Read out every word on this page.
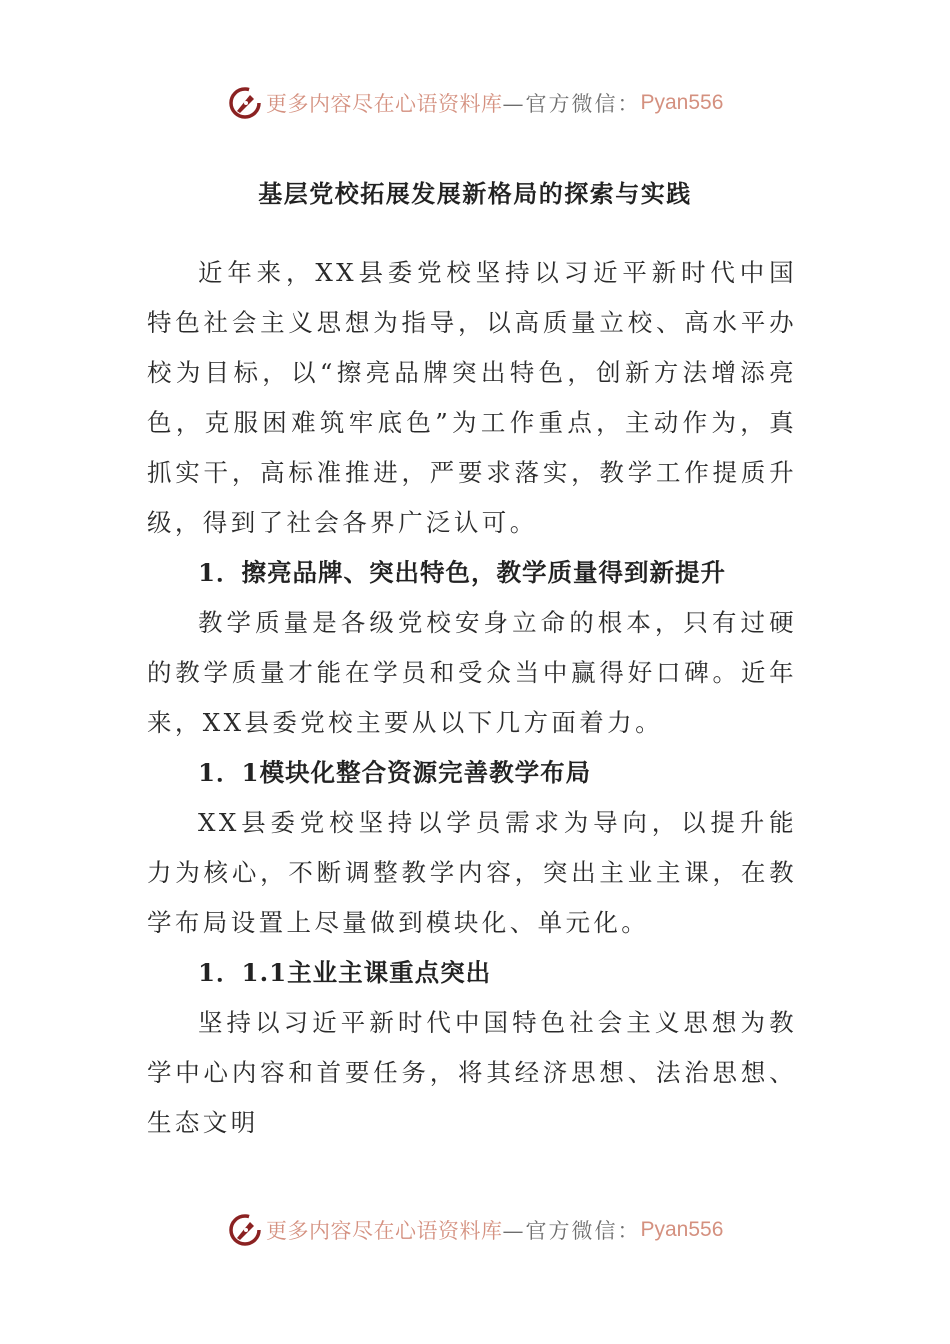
更多内容尽在心语资料库 —官方微信： Pyan556
基层党校拓展发展新格局的探索与实践

近年来，XX县委党校坚持以习近平新时代中国特色社会主义思想为指导，以高质量立校、高水平办校为目标，以“擦亮品牌突出特色，创新方法增添亮色，克服困难筑牢底色”为工作重点，主动作为，真抓实干，高标准推进，严要求落实，教学工作提质升级，得到了社会各界广泛认可。

1．擦亮品牌、突出特色，教学质量得到新提升

教学质量是各级党校安身立命的根本，只有过硬的教学质量才能在学员和受众当中赢得好口碑。近年来，XX县委党校主要从以下几方面着力。

1．1模块化整合资源完善教学布局

XX县委党校坚持以学员需求为导向，以提升能力为核心，不断调整教学内容，突出主业主课，在教学布局设置上尽量做到模块化、单元化。

1．1.1主业主课重点突出

坚持以习近平新时代中国特色社会主义思想为教学中心内容和首要任务，将其经济思想、法治思想、生态文明

更多内容尽在心语资料库 —官方微信： Pyan556
